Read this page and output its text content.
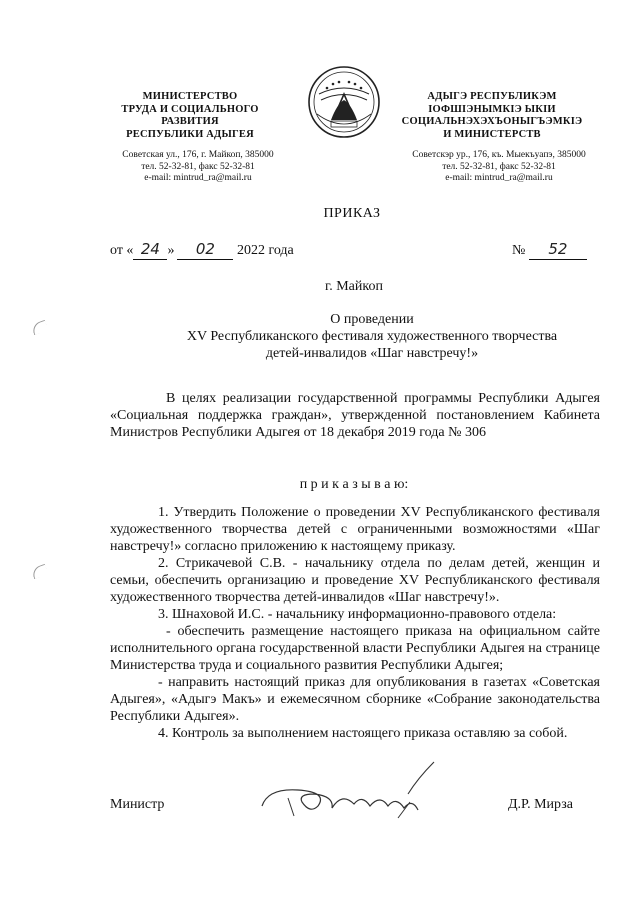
МИНИСТЕРСТВО
ТРУДА И СОЦИАЛЬНОГО
РАЗВИТИЯ
РЕСПУБЛИКИ АДЫГЕЯ
Советская ул., 176, г. Майкоп, 385000
тел. 52-32-81, факс 52-32-81
e-mail: mintrud_ra@mail.ru
АДЫГЭ РЕСПУБЛИКЭМ
IОФШIЭНЫМКIЭ ЫКIИ
СОЦИАЛЬНЭХЭХЪОНЫГЪЭМКIЭ
И МИНИСТЕРСТВ
Советскэр ур., 176, къ. Мыекъуапэ, 385000
тел. 52-32-81, факс 52-32-81
e-mail: mintrud_ra@mail.ru
ПРИКАЗ
от « 24 » 02 2022 года	№ 52
г. Майкоп
О проведении
XV Республиканского фестиваля художественного творчества
детей-инвалидов «Шаг навстречу!»
В целях реализации государственной программы Республики Адыгея «Социальная поддержка граждан», утвержденной постановлением Кабинета Министров Республики Адыгея от 18 декабря 2019 года № 306
п р и к а з ы в а ю:
1. Утвердить Положение о проведении XV Республиканского фестиваля художественного творчества детей с ограниченными возможностями «Шаг навстречу!» согласно приложению к настоящему приказу.
2. Стрикачевой С.В. - начальнику отдела по делам детей, женщин и семьи, обеспечить организацию и проведение XV Республиканского фестиваля художественного творчества детей-инвалидов «Шаг навстречу!».
3. Шнаховой И.С. - начальнику информационно-правового отдела:
- обеспечить размещение настоящего приказа на официальном сайте исполнительного органа государственной власти Республики Адыгея на странице Министерства труда и социального развития Республики Адыгея;
- направить настоящий приказ для опубликования в газетах «Советская Адыгея», «Адыгэ Макъ» и ежемесячном сборнике «Собрание законодательства Республики Адыгея».
4. Контроль за выполнением настоящего приказа оставляю за собой.
Министр	Д.Р. Мирза
